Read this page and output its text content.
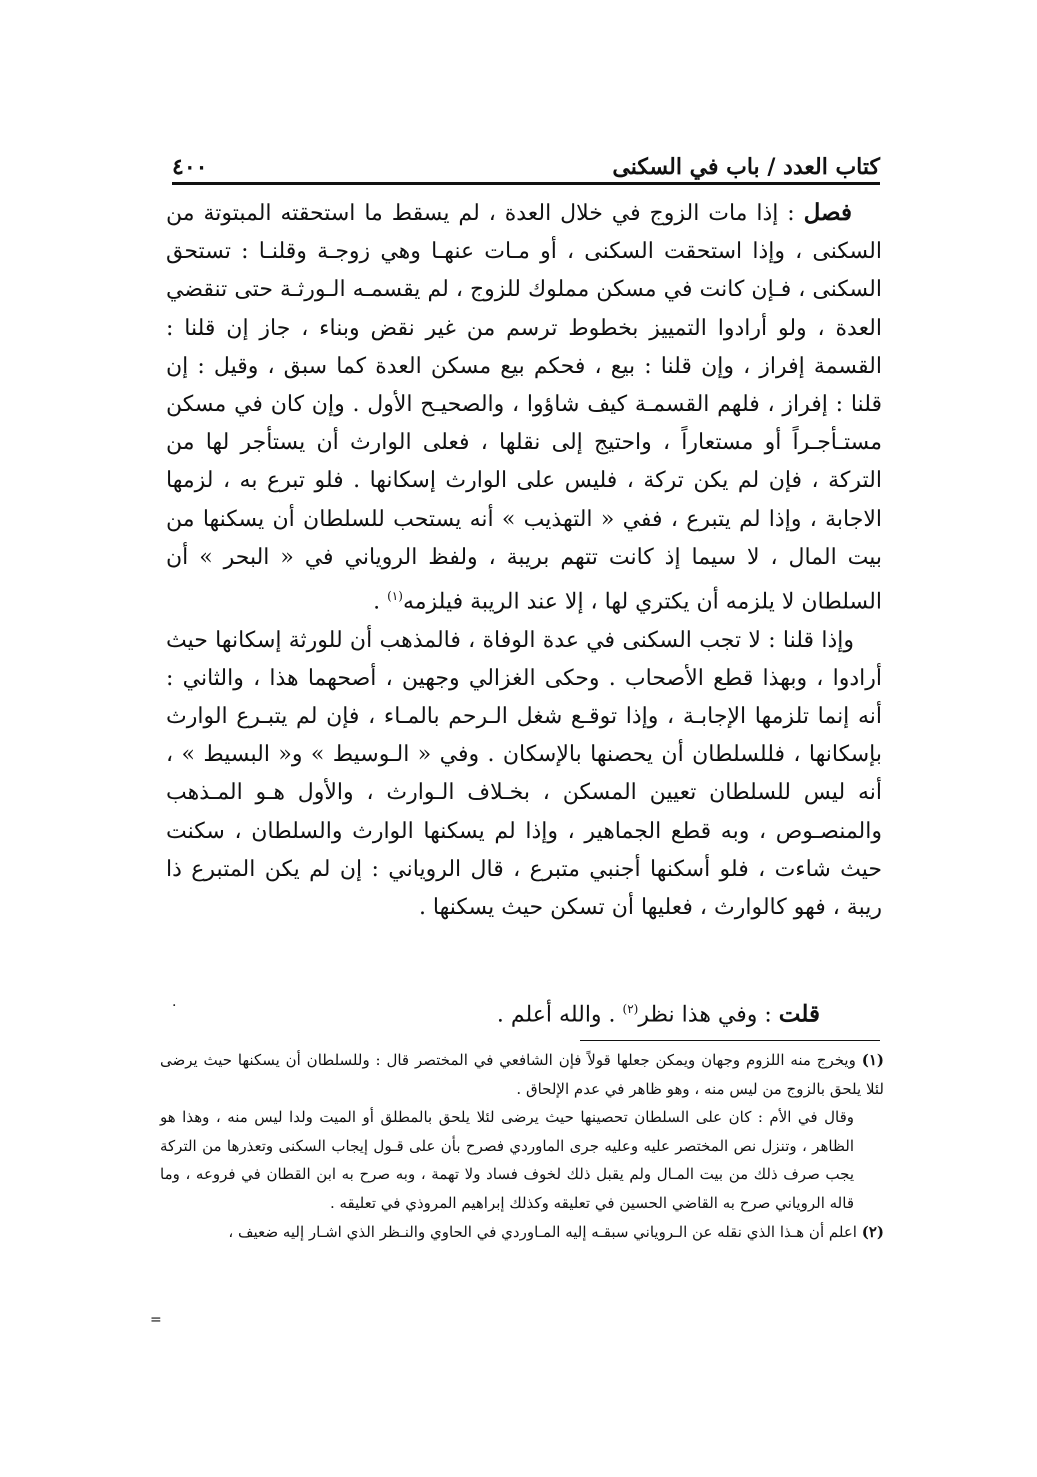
كتاب العدد / باب في السكنى
٤٠٠

فصل : إذا مات الزوج في خلال العدة ، لم يسقط ما استحقته المبتوتة من السكنى ، وإذا استحقت السكنى ، أو مـات عنهـا وهي زوجـة وقلنـا : تستحق السكنى ، فـإن كانت في مسكن مملوك للزوج ، لم يقسمـه الـورثـة حتى تنقضي العدة ، ولو أرادوا التمييز بخطوط ترسم من غير نقض وبناء ، جاز إن قلنا : القسمة إفراز ، وإن قلنا : بيع ، فحكم بيع مسكن العدة كما سبق ، وقيل : إن قلنا : إفراز ، فلهم القسمـة كيف شاؤوا ، والصحيـح الأول . وإن كان في مسكن مستـأجـراً أو مستعاراً ، واحتيج إلى نقلها ، فعلى الوارث أن يستأجر لها من التركة ، فإن لم يكن تركة ، فليس على الوارث إسكانها . فلو تبرع به ، لزمها الاجابة ، وإذا لم يتبرع ، ففي « التهذيب » أنه يستحب للسلطان أن يسكنها من بيت المال ، لا سيما إذ كانت تتهم بريبة ، ولفظ الروياني في « البحر » أن السلطان لا يلزمه أن يكتري لها ، إلا عند الريبة فيلزمه$^{(١)}$ .

وإذا قلنا : لا تجب السكنى في عدة الوفاة ، فالمذهب أن للورثة إسكانها حيث أرادوا ، وبهذا قطع الأصحاب . وحكى الغزالي وجهين ، أصحهما هذا ، والثاني : أنه إنما تلزمها الإجابـة ، وإذا توقـع شغل الـرحم بالمـاء ، فإن لم يتبـرع الوارث بإسكانها ، فللسلطان أن يحصنها بالإسكان . وفي « الـوسيط » و« البسيط » ، أنه ليس للسلطان تعيين المسكن ، بخـلاف الـوارث ، والأول هـو المـذهب والمنصـوص ، وبه قطع الجماهير ، وإذا لم يسكنها الوارث والسلطان ، سكنت حيث شاءت ، فلو أسكنها أجنبي متبرع ، قال الروياني : إن لم يكن المتبرع ذا ريبة ، فهو كالوارث ، فعليها أن تسكن حيث يسكنها .

قلت : وفي هذا نظر$^{(٢)}$ . والله أعلم .
·

(١) ويخرج منه اللزوم وجهان ويمكن جعلها قولاً فإن الشافعي في المختصر قال : وللسلطان أن يسكنها حيث يرضى لئلا يلحق بالزوج من ليس منه ، وهو ظاهر في عدم الإلحاق .

وقال في الأم : كان على السلطان تحصينها حيث يرضى لئلا يلحق بالمطلق أو الميت ولدا ليس منه ، وهذا هو الظاهر ، وتنزل نص المختصر عليه وعليه جرى الماوردي فصرح بأن على قـول إيجاب السكنى وتعذرها من التركة يجب صرف ذلك من بيت المـال ولم يقبل ذلك لخوف فساد ولا تهمة ، وبه صرح به ابن القطان في فروعه ، وما قاله الروياني صرح به القاضي الحسين في تعليقه وكذلك إبراهيم المروذي في تعليقه .

(٢) اعلم أن هـذا الذي نقله عن الـروياني سبقـه إليه المـاوردي في الحاوي والنـظر الذي اشـار إليه ضعيف ،

=
